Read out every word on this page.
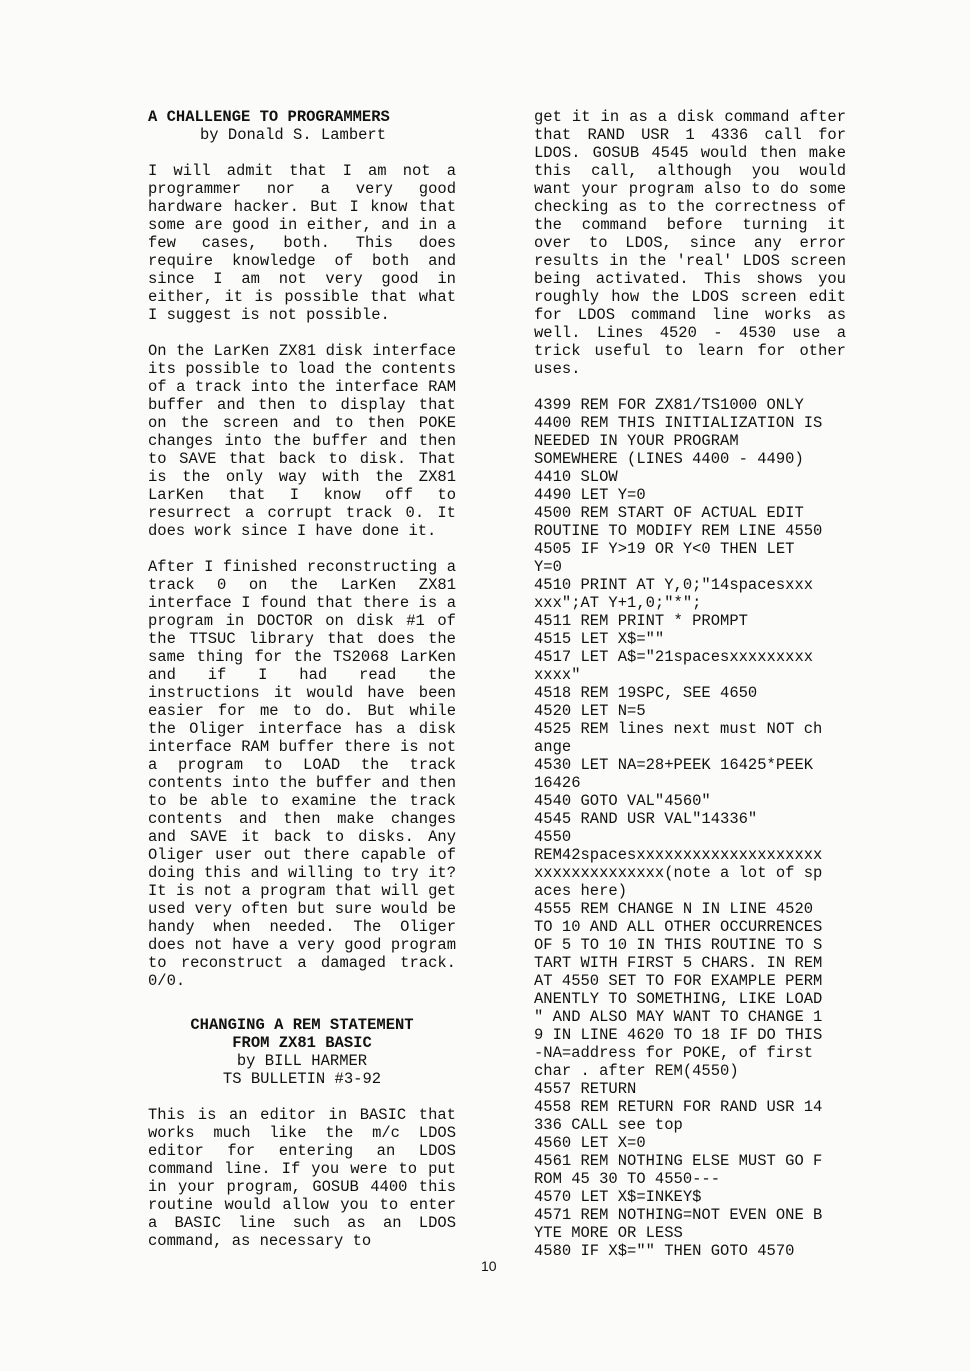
A CHALLENGE TO PROGRAMMERS

by Donald S. Lambert

I will admit that I am not a programmer nor a very good hardware hacker. But I know that some are good in either, and in a few cases, both. This does require knowledge of both and since I am not very good in either, it is possible that what I suggest is not possible.

On the LarKen ZX81 disk interface its possible to load the contents of a track into the interface RAM buffer and then to display that on the screen and to then POKE changes into the buffer and then to SAVE that back to disk. That is the only way with the ZX81 LarKen that I know off to resurrect a corrupt track 0. It does work since I have done it.

After I finished reconstructing a track 0 on the LarKen ZX81 interface I found that there is a program in DOCTOR on disk #1 of the TTSUC library that does the same thing for the TS2068 LarKen and if I had read the instructions it would have been easier for me to do. But while the Oliger interface has a disk interface RAM buffer there is not a program to LOAD the track contents into the buffer and then to be able to examine the track contents and then make changes and SAVE it back to disks. Any Oliger user out there capable of doing this and willing to try it? It is not a program that will get used very often but sure would be handy when needed. The Oliger does not have a very good program to reconstruct a damaged track. 0/0.

CHANGING A REM STATEMENT

FROM ZX81 BASIC

by BILL HARMER

TS BULLETIN #3-92

This is an editor in BASIC that works much like the m/c LDOS editor for entering an LDOS command line. If you were to put in your program, GOSUB 4400 this routine would allow you to enter a BASIC line such as an LDOS command, as necessary to

get it in as a disk command after that RAND USR 1 4336 call for LDOS. GOSUB 4545 would then make this call, although you would want your program also to do some checking as to the correctness of the command before turning it over to LDOS, since any error results in the 'real' LDOS screen being activated. This shows you roughly how the LDOS screen edit for LDOS command line works as well. Lines 4520 - 4530 use a trick useful to learn for other uses.

4399 REM FOR ZX81/TS1000 ONLY
4400 REM THIS INITIALIZATION IS
NEEDED IN YOUR PROGRAM
SOMEWHERE (LINES 4400 - 4490)
4410 SLOW
4490 LET Y=0
4500 REM START OF ACTUAL EDIT
ROUTINE TO MODIFY REM LINE 4550
4505 IF Y>19 OR Y<0 THEN LET
Y=0
4510 PRINT AT Y,0;"14spacesxxx
xxx";AT Y+1,0;"*";
4511 REM PRINT * PROMPT
4515 LET X$=""
4517 LET A$="21spacesxxxxxxxxx
xxxx"
4518 REM 19SPC, SEE 4650
4520 LET N=5
4525 REM lines next must NOT ch
ange
4530 LET NA=28+PEEK 16425*PEEK
16426
4540 GOTO VAL"4560"
4545 RAND USR VAL"14336"
4550
REM42spacesxxxxxxxxxxxxxxxxxxxx
xxxxxxxxxxxxxx(note a lot of sp
aces here)
4555 REM CHANGE N IN LINE 4520
TO 10 AND ALL OTHER OCCURRENCES
OF 5 TO 10 IN THIS ROUTINE TO S
TART WITH FIRST 5 CHARS. IN REM
AT 4550 SET TO FOR EXAMPLE PERM
ANENTLY TO SOMETHING, LIKE LOAD
" AND ALSO MAY WANT TO CHANGE 1
9 IN LINE 4620 TO 18 IF DO THIS
-NA=address for POKE, of first
char . after REM(4550)
4557 RETURN
4558 REM RETURN FOR RAND USR 14
336 CALL see top
4560 LET X=0
4561 REM NOTHING ELSE MUST GO F
ROM 45 30 TO 4550---
4570 LET X$=INKEY$
4571 REM NOTHING=NOT EVEN ONE B
YTE MORE OR LESS
4580 IF X$="" THEN GOTO 4570
10
